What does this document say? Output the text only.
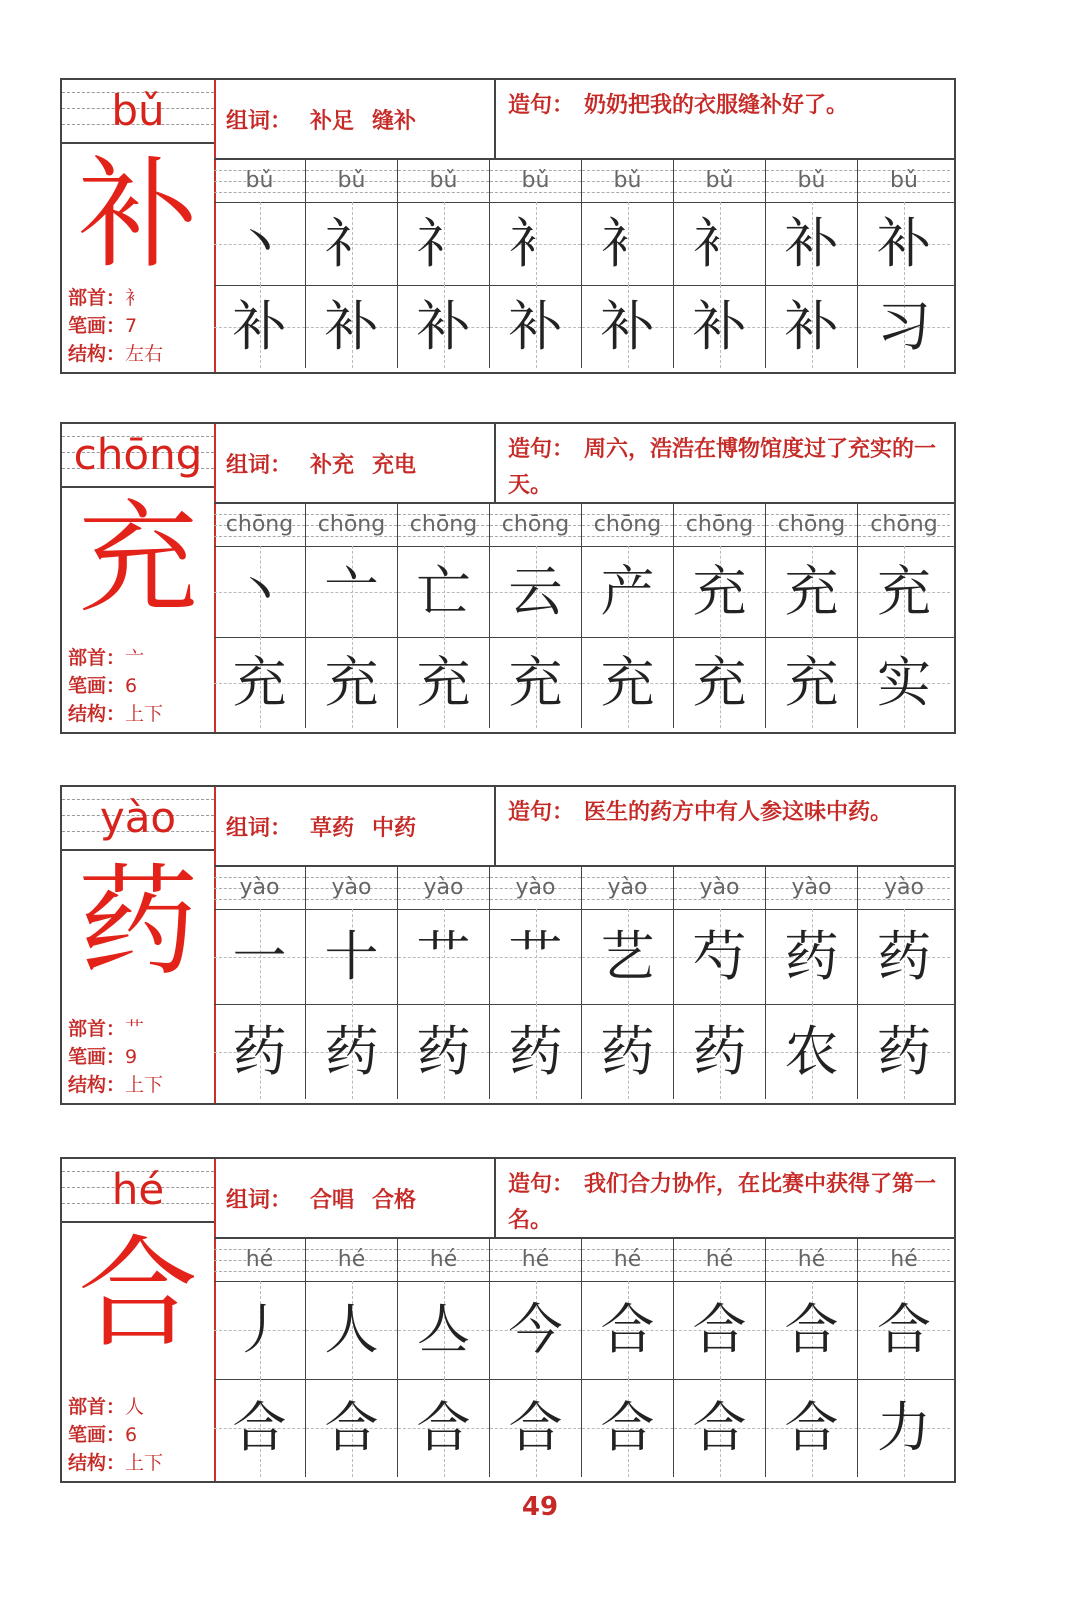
bǔ
补
部首：衤
笔画：7
结构：左右
组词： 补足 缝补
造句： 奶奶把我的衣服缝补好了。
bǔ	bǔ	bǔ	bǔ	bǔ	bǔ	bǔ	bǔ
丶 礻 礻 衤 衤 衤 补 补
补 补 补 补 补 补 补 习
chōng
充
部首：亠
笔画：6
结构：上下
组词： 补充 充电
造句： 周六，浩浩在博物馆度过了充实的一天。
chōng	chōng	chōng	chōng	chōng	chōng	chōng	chōng
丶 亠 亡 云 产 充 充 充
充 充 充 充 充 充 充 实
yào
药
部首：艹
笔画：9
结构：上下
组词： 草药 中药
造句： 医生的药方中有人参这味中药。
yào	yào	yào	yào	yào	yào	yào	yào
一 十 艹 艹 艺 芍 药 药
药 药 药 药 药 药 农 药
hé
合
部首：人
笔画：6
结构：上下
组词： 合唱 合格
造句： 我们合力协作，在比赛中获得了第一名。
hé	hé	hé	hé	hé	hé	hé	hé
丿 人 亼 今 合 合 合 合
合 合 合 合 合 合 合 力
49
